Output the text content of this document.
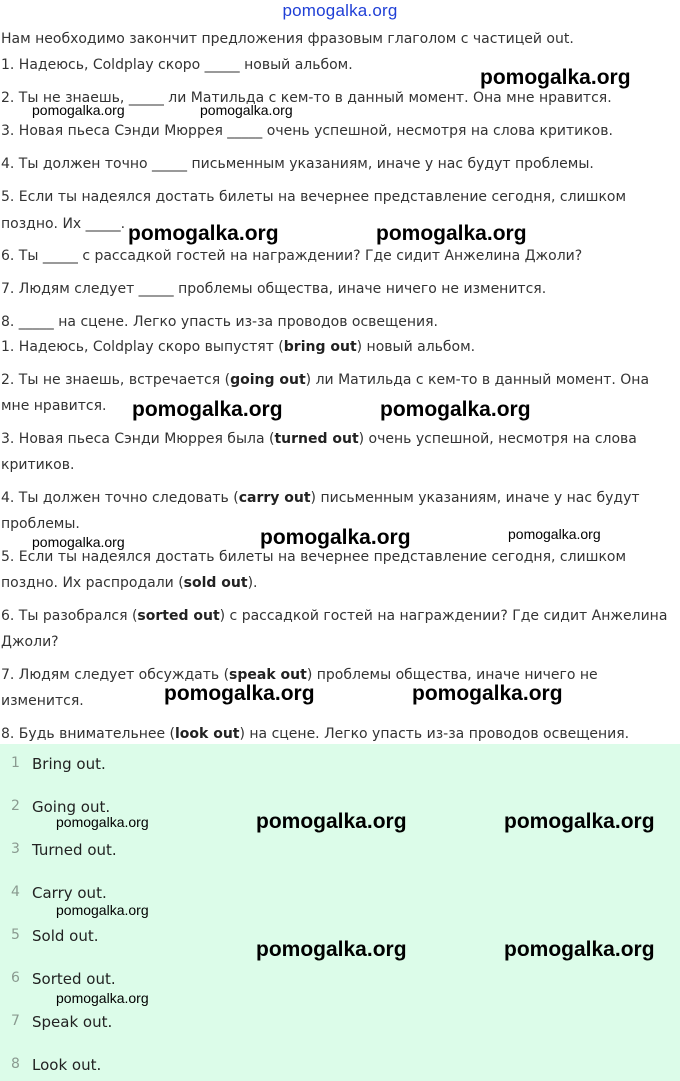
pomogalka.org
Нам необходимо закончит предложения фразовым глаголом с частицей out.
1. Надеюсь, Coldplay скоро _____ новый альбом.
2. Ты не знаешь, _____ ли Матильда с кем-то в данный момент. Она мне нравится.
3. Новая пьеса Сэнди Мюррея _____ очень успешной, несмотря на слова критиков.
4. Ты должен точно _____ письменным указаниям, иначе у нас будут проблемы.
5. Если ты надеялся достать билеты на вечернее представление сегодня, слишком
поздно. Их _____.
6. Ты _____ с рассадкой гостей на награждении? Где сидит Анжелина Джоли?
7. Людям следует _____ проблемы общества, иначе ничего не изменится.
8. _____ на сцене. Легко упасть из-за проводов освещения.
1. Надеюсь, Coldplay скоро выпустят (bring out) новый альбом.
2. Ты не знаешь, встречается (going out) ли Матильда с кем-то в данный момент. Она мне нравится.
3. Новая пьеса Сэнди Мюррея была (turned out) очень успешной, несмотря на слова критиков.
4. Ты должен точно следовать (carry out) письменным указаниям, иначе у нас будут проблемы.
5. Если ты надеялся достать билеты на вечернее представление сегодня, слишком поздно. Их распродали (sold out).
6. Ты разобрался (sorted out) с рассадкой гостей на награждении? Где сидит Анжелина Джоли?
7. Людям следует обсуждать (speak out) проблемы общества, иначе ничего не изменится.
8. Будь внимательнее (look out) на сцене. Легко упасть из-за проводов освещения.
1 Bring out.
2 Going out.
3 Turned out.
4 Carry out.
5 Sold out.
6 Sorted out.
7 Speak out.
8 Look out.
pomogalka.org
pomogalka.org	pomogalka.org
pomogalka.org	pomogalka.org
pomogalka.org	pomogalka.org
pomogalka.org	pomogalka.org	pomogalka.org
pomogalka.org	pomogalka.org
pomogalka.org	pomogalka.org	pomogalka.org
pomogalka.org
pomogalka.org	pomogalka.org
pomogalka.org
